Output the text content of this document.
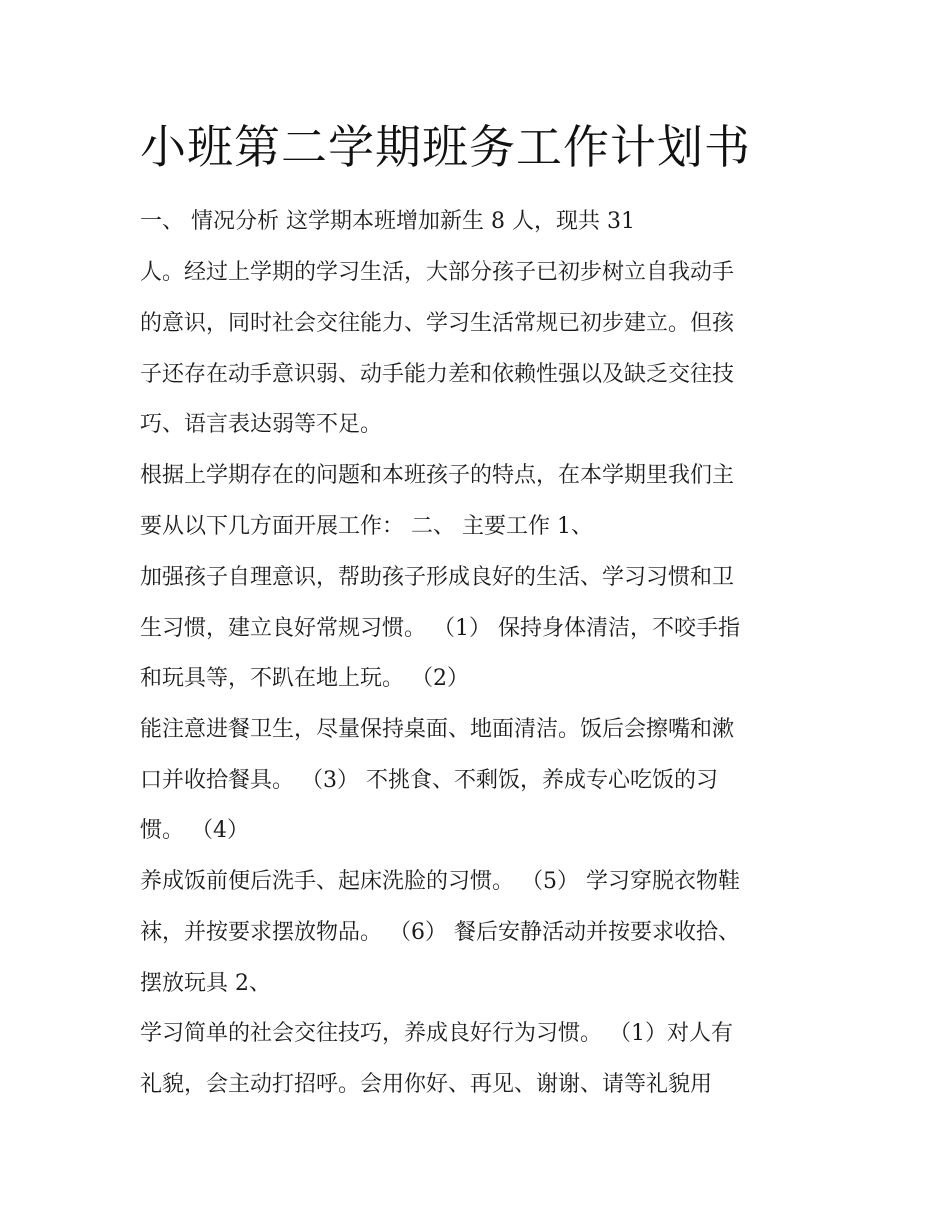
小班第二学期班务工作计划书

一、 情况分析 这学期本班增加新生 8 人，现共 31

人。经过上学期的学习生活，大部分孩子已初步树立自我动手

的意识，同时社会交往能力、学习生活常规已初步建立。但孩

子还存在动手意识弱、动手能力差和依赖性强以及缺乏交往技

巧、语言表达弱等不足。

根据上学期存在的问题和本班孩子的特点，在本学期里我们主

要从以下几方面开展工作： 二、 主要工作 1、

加强孩子自理意识，帮助孩子形成良好的生活、学习习惯和卫

生习惯，建立良好常规习惯。 （1） 保持身体清洁，不咬手指

和玩具等，不趴在地上玩。 （2）

能注意进餐卫生，尽量保持桌面、地面清洁。饭后会擦嘴和漱

口并收拾餐具。 （3） 不挑食、不剩饭，养成专心吃饭的习

惯。 （4）

养成饭前便后洗手、起床洗脸的习惯。 （5） 学习穿脱衣物鞋

袜，并按要求摆放物品。 （6） 餐后安静活动并按要求收拾、

摆放玩具 2、

学习简单的社会交往技巧，养成良好行为习惯。 （1）对人有

礼貌，会主动打招呼。会用你好、再见、谢谢、请等礼貌用
